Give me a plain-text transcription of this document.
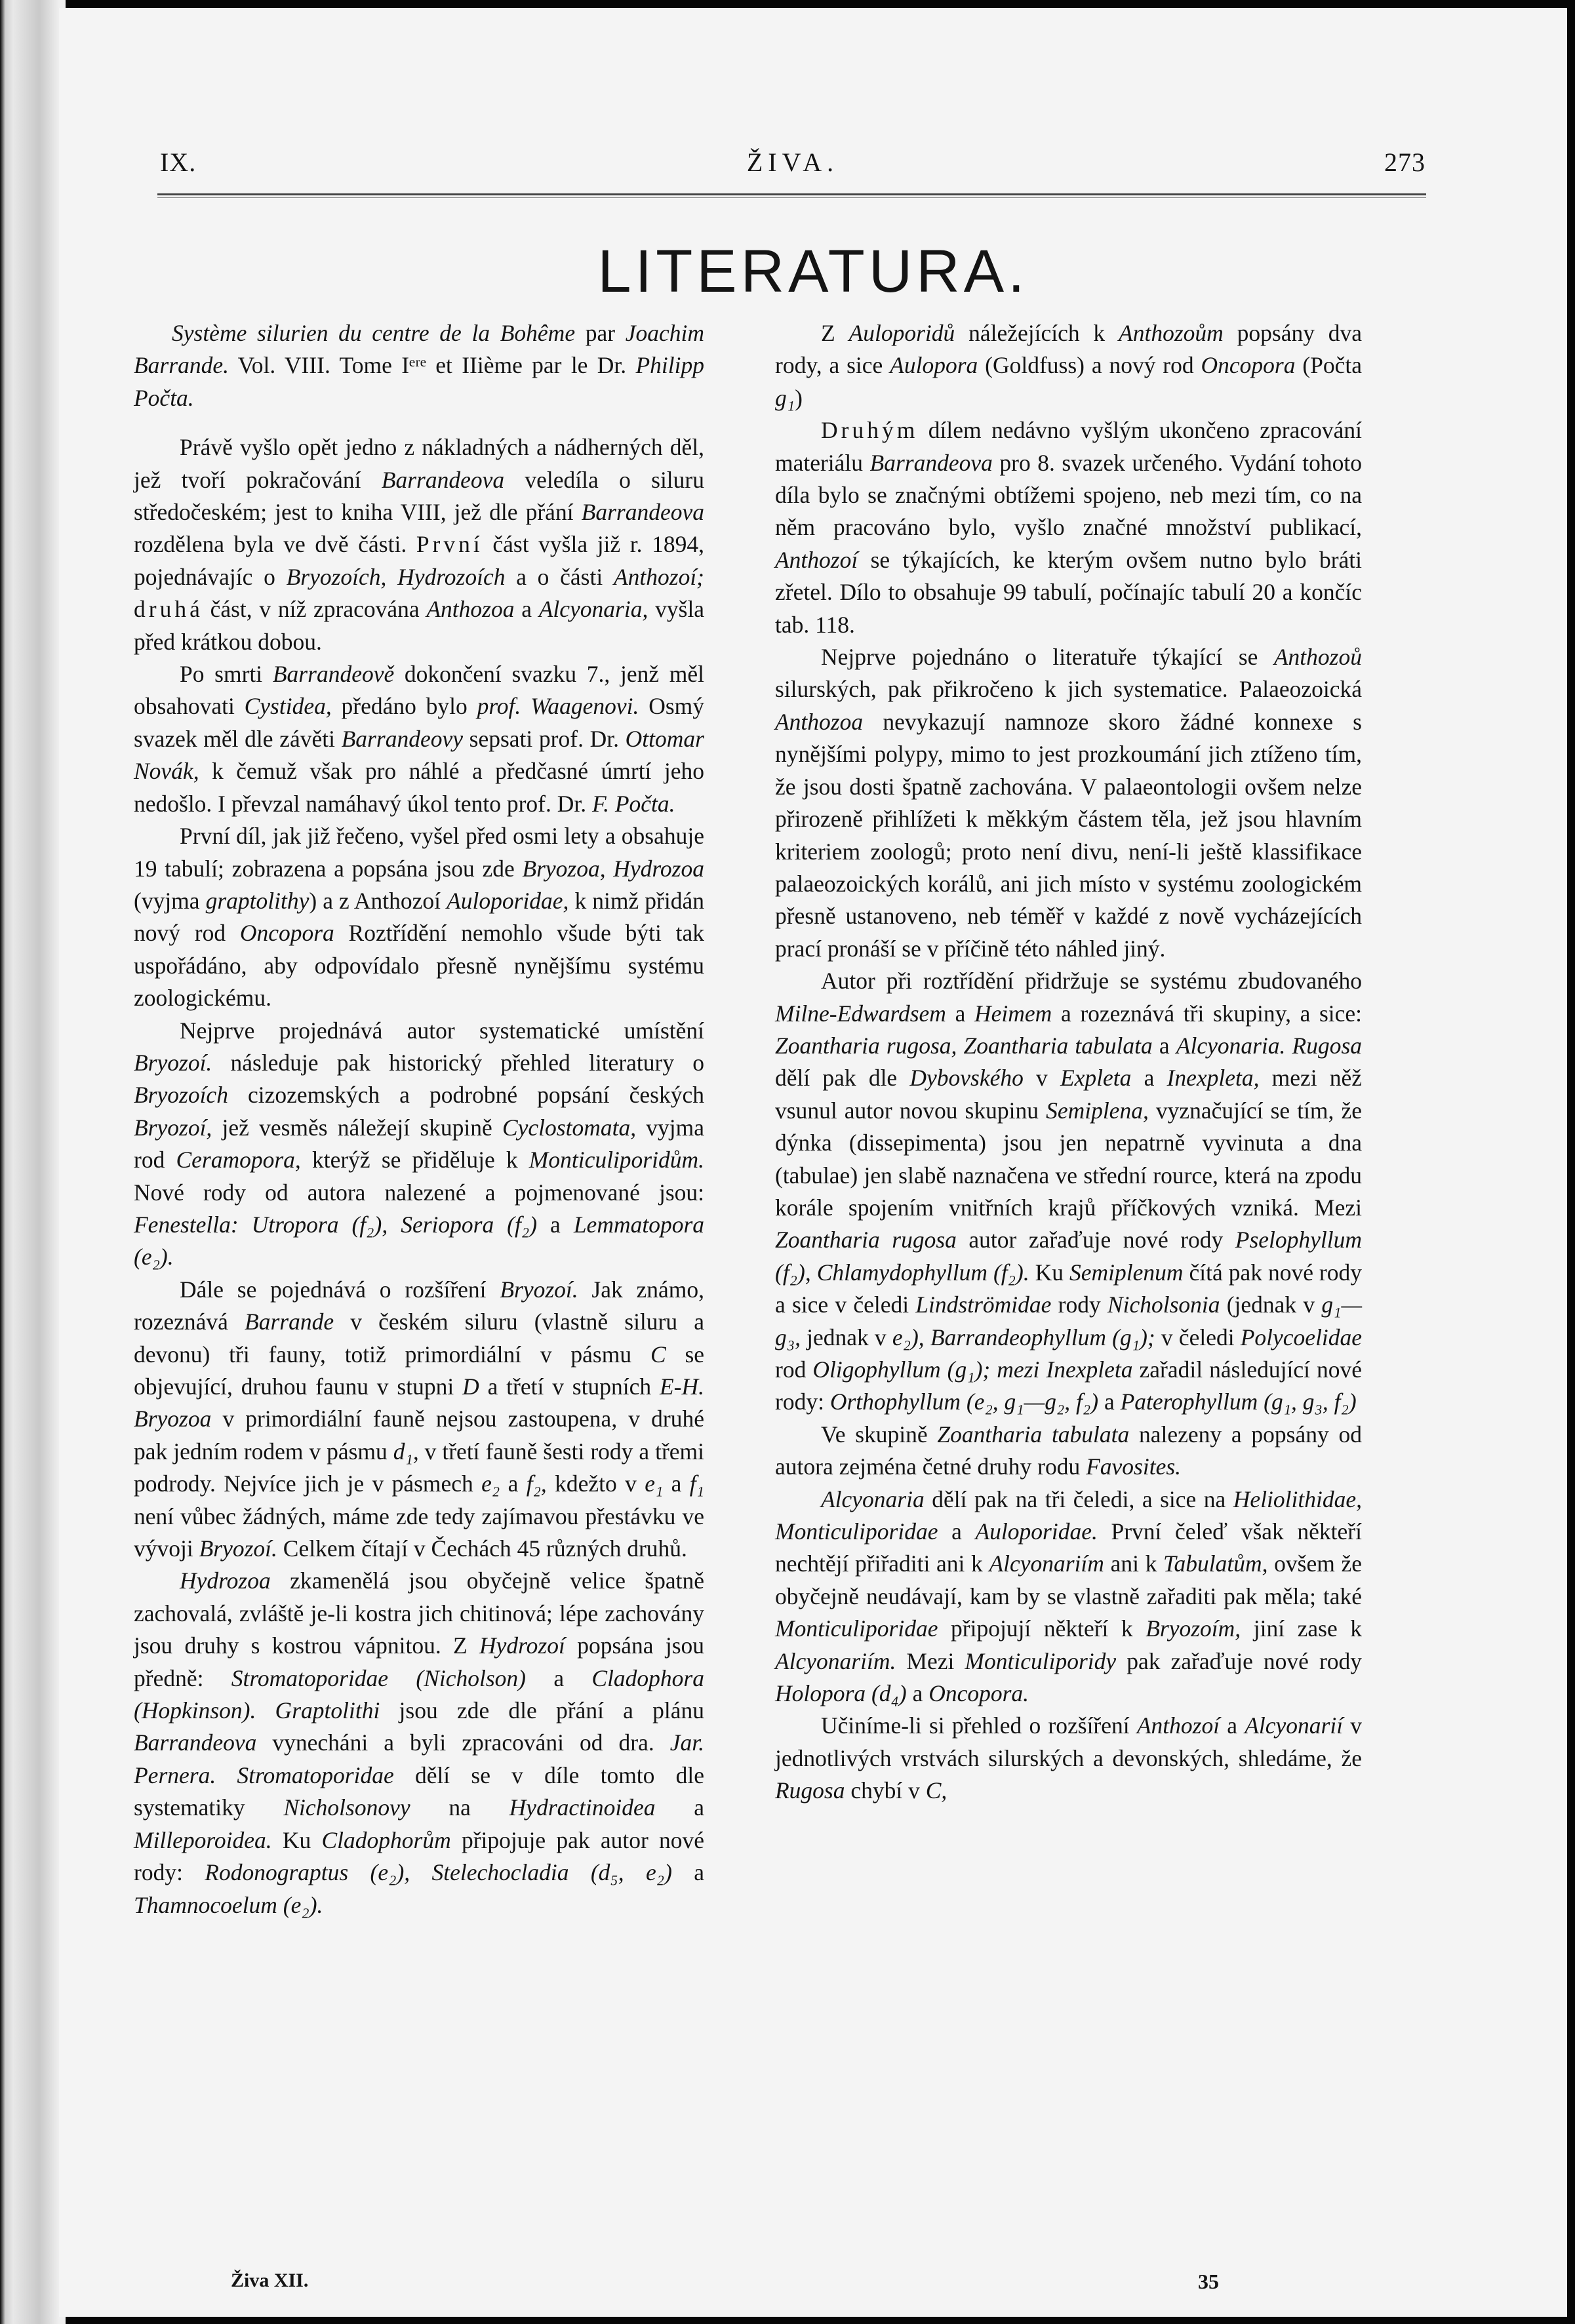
IX.	ŽIVA.	273
LITERATURA.

Système silurien du centre de la Bohême par Joachim Barrande. Vol. VIII. Tome Iᵉʳᵉ et IIième par le Dr. Philipp Počta.

Právě vyšlo opět jedno z nákladných a nádherných děl, jež tvoří pokračování Barrandeova veledíla o siluru středočeském; jest to kniha VIII, jež dle přání Barrandeova rozdělena byla ve dvě části. První část vyšla již r. 1894, pojednávajíc o Bryozoích, Hydrozoích a o části Anthozoí; druhá část, v níž zpracována Anthozoa a Alcyonaria, vyšla před krátkou dobou.

Po smrti Barrandeově dokončení svazku 7., jenž měl obsahovati Cystidea, předáno bylo prof. Waagenovi. Osmý svazek měl dle závěti Barrandeovy sepsati prof. Dr. Ottomar Novák, k čemuž však pro náhlé a předčasné úmrtí jeho nedošlo. I převzal namáhavý úkol tento prof. Dr. F. Počta.

První díl, jak již řečeno, vyšel před osmi lety a obsahuje 19 tabulí; zobrazena a popsána jsou zde Bryozoa, Hydrozoa (vyjma graptolithy) a z Anthozoí Auloporidae, k nimž přidán nový rod Oncopora Roztřídění nemohlo všude býti tak uspořádáno, aby odpovídalo přesně nynějšímu systému zoologickému.

Nejprve projednává autor systematické umístění Bryozoí. následuje pak historický přehled literatury o Bryozoích cizozemských a podrobné popsání českých Bryozoí, jež vesměs náležejí skupině Cyclostomata, vyjma rod Ceramopora, kterýž se přiděluje k Monticuliporidům. Nové rody od autora nalezené a pojmenované jsou: Fenestella: Utropora (f₂), Seriopora (f₂) a Lemmatopora (e₂).

Dále se pojednává o rozšíření Bryozoí. Jak známo, rozeznává Barrande v českém siluru (vlastně siluru a devonu) tři fauny, totiž primordiální v pásmu C se objevující, druhou faunu v stupni D a třetí v stupních E-H. Bryozoa v primordiální fauně nejsou zastoupena, v druhé pak jedním rodem v pásmu d₁, v třetí fauně šesti rody a třemi podrody. Nejvíce jich je v pásmech e₂ a f₂, kdežto v e₁ a f₁ není vůbec žádných, máme zde tedy zajímavou přestávku ve vývoji Bryozoí. Celkem čítají v Čechách 45 různých druhů.

Hydrozoa zkamenělá jsou obyčejně velice špatně zachovalá, zvláště je-li kostra jich chitinová; lépe zachovány jsou druhy s kostrou vápnitou. Z Hydrozoí popsána jsou předně: Stromatoporidae (Nicholson) a Cladophora (Hopkinson). Graptolithi jsou zde dle přání a plánu Barrandeova vynecháni a byli zpracováni od dra. Jar. Pernera. Stromatoporidae dělí se v díle tomto dle systematiky Nicholsonovy na Hydractinoidea a Milleporoidea. Ku Cladophorům připojuje pak autor nové rody: Rodonograptus (e₂), Stelechocladia (d₅, e₂) a Thamnocoelum (e₂).

Z Auloporidů náležejících k Anthozoům popsány dva rody, a sice Aulopora (Goldfuss) a nový rod Oncopora (Počta g₁)

Druhým dílem nedávno vyšlým ukončeno zpracování materiálu Barrandeova pro 8. svazek určeného. Vydání tohoto díla bylo se značnými obtížemi spojeno, neb mezi tím, co na něm pracováno bylo, vyšlo značné množství publikací, Anthozoí se týkajících, ke kterým ovšem nutno bylo bráti zřetel. Dílo to obsahuje 99 tabulí, počínajíc tabulí 20 a končíc tab. 118.

Nejprve pojednáno o literatuře týkající se Anthozoů silurských, pak přikročeno k jich systematice. Palaeozoická Anthozoa nevykazují namnoze skoro žádné konnexe s nynějšími polypy, mimo to jest prozkoumání jich ztíženo tím, že jsou dosti špatně zachována. V palaeontologii ovšem nelze přirozeně přihlížeti k měkkým částem těla, jež jsou hlavním kriteriem zoologů; proto není divu, není-li ještě klassifikace palaeozoických korálů, ani jich místo v systému zoologickém přesně ustanoveno, neb téměř v každé z nově vycházejících prací pronáší se v příčině této náhled jiný.

Autor při roztřídění přidržuje se systému zbudovaného Milne-Edwardsem a Heimem a rozeznává tři skupiny, a sice: Zoantharia rugosa, Zoantharia tabulata a Alcyonaria. Rugosa dělí pak dle Dybovského v Expleta a Inexpleta, mezi něž vsunul autor novou skupinu Semiplena, vyznačující se tím, že dýnka (dissepimenta) jsou jen nepatrně vyvinuta a dna (tabulae) jen slabě naznačena ve střední rource, která na zpodu korále spojením vnitřních krajů příčkových vzniká. Mezi Zoantharia rugosa autor zařaďuje nové rody Pselophyllum (f₂), Chlamydophyllum (f₂). Ku Semiplenum čítá pak nové rody a sice v čeledi Lindströmidae rody Nicholsonia (jednak v g₁—g₃, jednak v e₂), Barrandeophyllum (g₁); v čeledi Polycoelidae rod Oligophyllum (g₁); mezi Inexpleta zařadil následující nové rody: Orthophyllum (e₂, g₁—g₂, f₂) a Paterophyllum (g₁, g₃, f₂)

Ve skupině Zoantharia tabulata nalezeny a popsány od autora zejména četné druhy rodu Favosites.

Alcyonaria dělí pak na tři čeledi, a sice na Heliolithidae, Monticuliporidae a Auloporidae. První čeleď však někteří nechtějí přiřaditi ani k Alcyonariím ani k Tabulatům, ovšem že obyčejně neudávají, kam by se vlastně zařaditi pak měla; také Monticuliporidae připojují někteří k Bryozoím, jiní zase k Alcyonariím. Mezi Monticuliporidy pak zařaďuje nové rody Holopora (d₄) a Oncopora.

Učiníme-li si přehled o rozšíření Anthozoí a Alcyonarií v jednotlivých vrstvách silurských a devonských, shledáme, že Rugosa chybí v C,

Živa XII.	35
